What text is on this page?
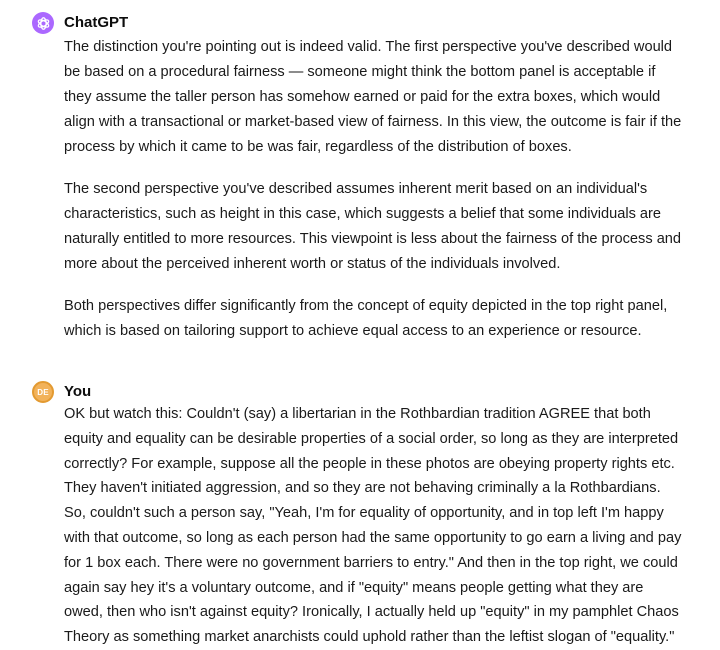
ChatGPT

The distinction you're pointing out is indeed valid. The first perspective you've described would be based on a procedural fairness — someone might think the bottom panel is acceptable if they assume the taller person has somehow earned or paid for the extra boxes, which would align with a transactional or market-based view of fairness. In this view, the outcome is fair if the process by which it came to be was fair, regardless of the distribution of boxes.

The second perspective you've described assumes inherent merit based on an individual's characteristics, such as height in this case, which suggests a belief that some individuals are naturally entitled to more resources. This viewpoint is less about the fairness of the process and more about the perceived inherent worth or status of the individuals involved.

Both perspectives differ significantly from the concept of equity depicted in the top right panel, which is based on tailoring support to achieve equal access to an experience or resource.

DE	You

OK but watch this: Couldn't (say) a libertarian in the Rothbardian tradition AGREE that both equity and equality can be desirable properties of a social order, so long as they are interpreted correctly? For example, suppose all the people in these photos are obeying property rights etc. They haven't initiated aggression, and so they are not behaving criminally a la Rothbardians. So, couldn't such a person say, "Yeah, I'm for equality of opportunity, and in top left I'm happy with that outcome, so long as each person had the same opportunity to go earn a living and pay for 1 box each. There were no government barriers to entry." And then in the top right, we could again say hey it's a voluntary outcome, and if "equity" means people getting what they are owed, then who isn't against equity? Ironically, I actually held up "equity" in my pamphlet Chaos Theory as something market anarchists could uphold rather than the leftist slogan of "equality."
